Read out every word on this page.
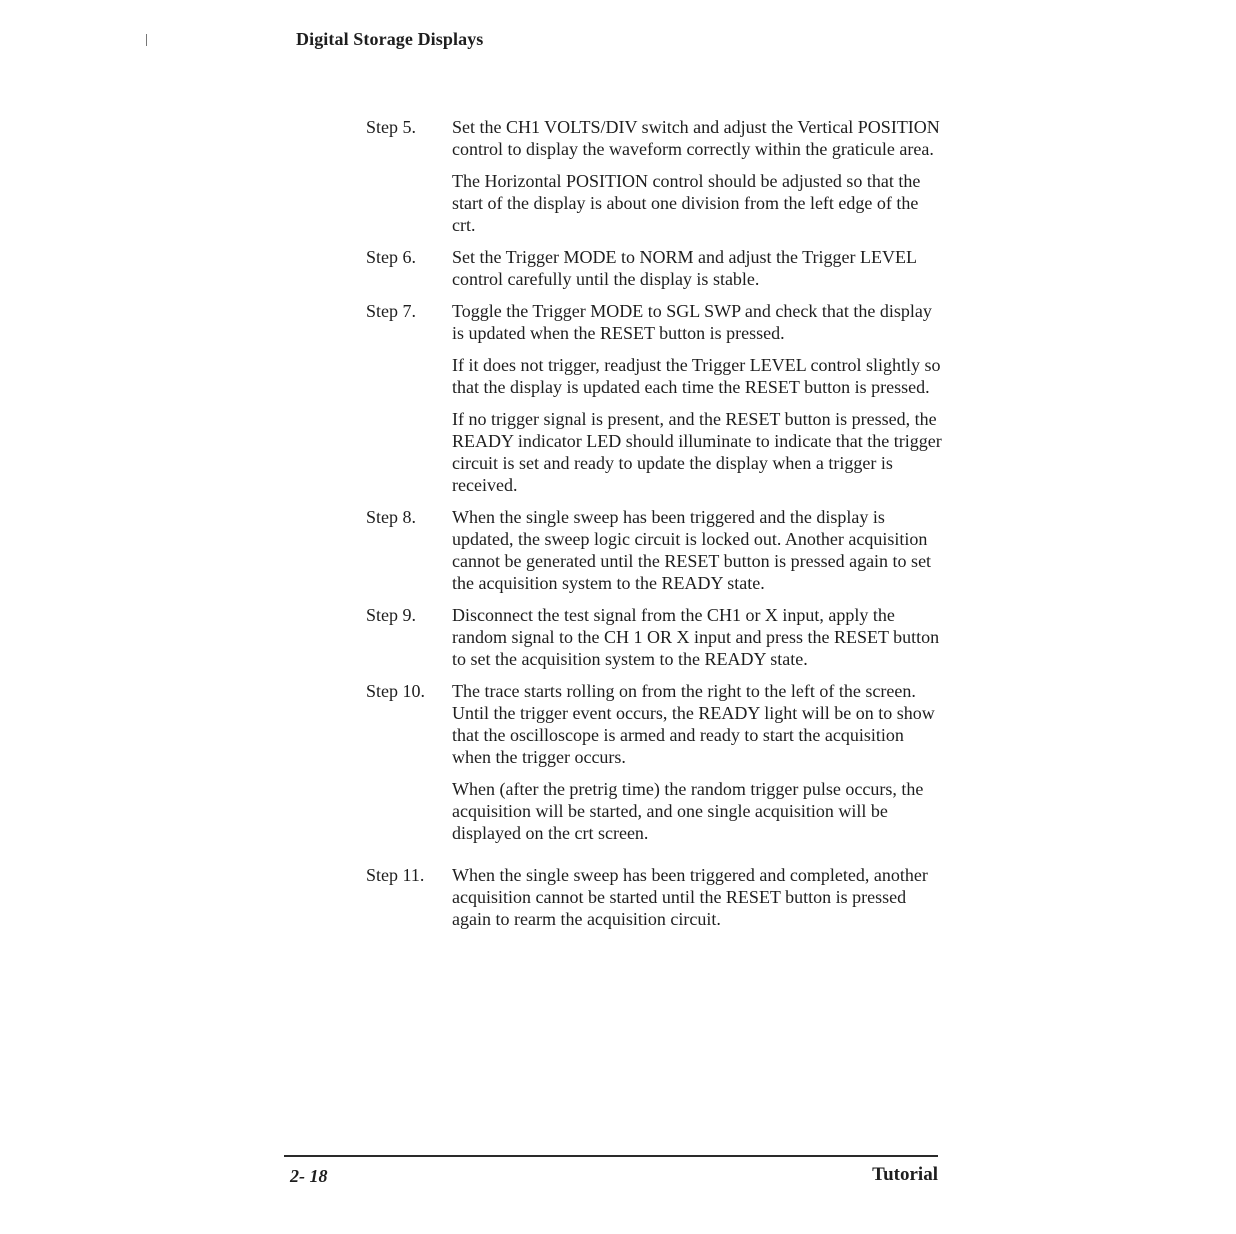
Digital Storage Displays
Step 5.	Set the CH1 VOLTS/DIV switch and adjust the Vertical POSITION control to display the waveform correctly within the graticule area.

The Horizontal POSITION control should be adjusted so that the start of the display is about one division from the left edge of the crt.

Step 6.	Set the Trigger MODE to NORM and adjust the Trigger LEVEL control carefully until the display is stable.

Step 7.	Toggle the Trigger MODE to SGL SWP and check that the display is updated when the RESET button is pressed.

If it does not trigger, readjust the Trigger LEVEL control slightly so that the display is updated each time the RESET button is pressed.

If no trigger signal is present, and the RESET button is pressed, the READY indicator LED should illuminate to indicate that the trigger circuit is set and ready to update the display when a trigger is received.

Step 8.	When the single sweep has been triggered and the display is updated, the sweep logic circuit is locked out. Another acquisition cannot be generated until the RESET button is pressed again to set the acquisition system to the READY state.

Step 9.	Disconnect the test signal from the CH1 or X input, apply the random signal to the CH 1 OR X input and press the RESET button to set the acquisition system to the READY state.

Step 10.	The trace starts rolling on from the right to the left of the screen. Until the trigger event occurs, the READY light will be on to show that the oscilloscope is armed and ready to start the acquisition when the trigger occurs.

When (after the pretrig time) the random trigger pulse occurs, the acquisition will be started, and one single acquisition will be displayed on the crt screen.

Step 11.	When the single sweep has been triggered and completed, another acquisition cannot be started until the RESET button is pressed again to rearm the acquisition circuit.

2- 18	Tutorial
